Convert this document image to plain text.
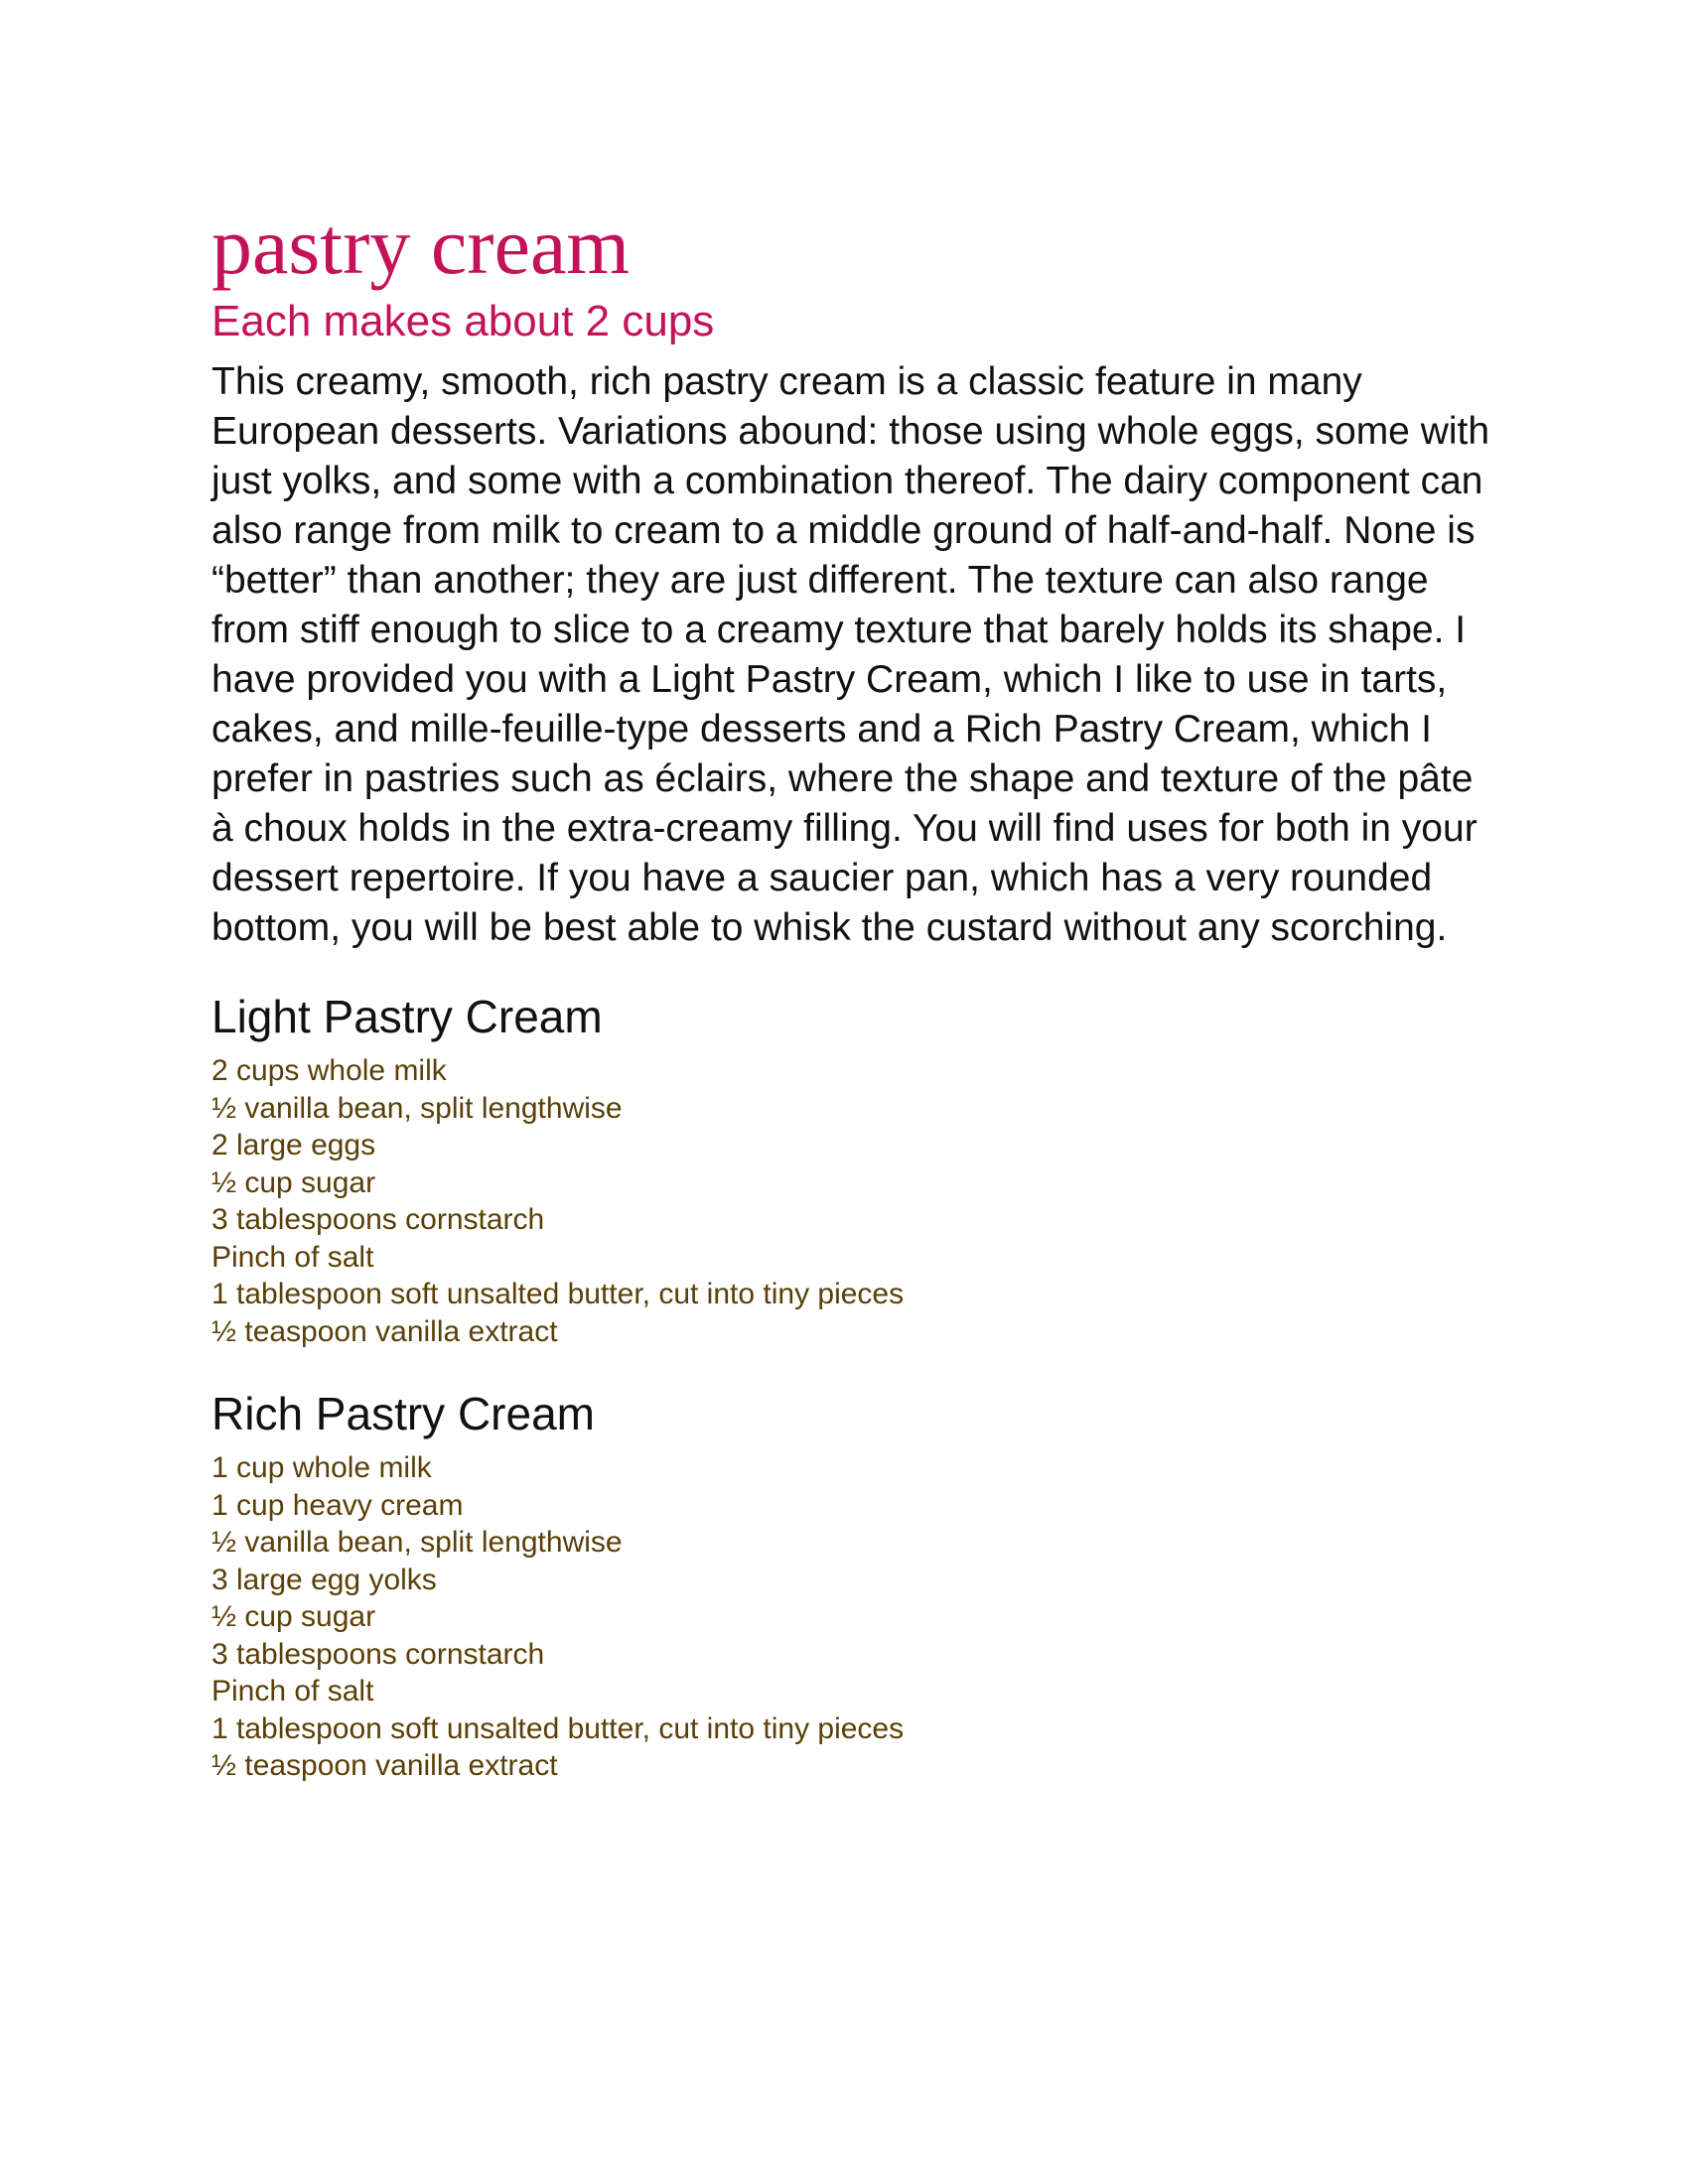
pastry cream
Each makes about 2 cups

This creamy, smooth, rich pastry cream is a classic feature in many European desserts. Variations abound: those using whole eggs, some with just yolks, and some with a combination thereof. The dairy component can also range from milk to cream to a middle ground of half-and-half. None is “better” than another; they are just different. The texture can also range from stiff enough to slice to a creamy texture that barely holds its shape. I have provided you with a Light Pastry Cream, which I like to use in tarts, cakes, and mille-feuille-type desserts and a Rich Pastry Cream, which I prefer in pastries such as éclairs, where the shape and texture of the pâte à choux holds in the extra-creamy filling. You will find uses for both in your dessert repertoire. If you have a saucier pan, which has a very rounded bottom, you will be best able to whisk the custard without any scorching.

Light Pastry Cream
2 cups whole milk
½ vanilla bean, split lengthwise
2 large eggs
½ cup sugar
3 tablespoons cornstarch
Pinch of salt
1 tablespoon soft unsalted butter, cut into tiny pieces
½ teaspoon vanilla extract
Rich Pastry Cream
1 cup whole milk
1 cup heavy cream
½ vanilla bean, split lengthwise
3 large egg yolks
½ cup sugar
3 tablespoons cornstarch
Pinch of salt
1 tablespoon soft unsalted butter, cut into tiny pieces
½ teaspoon vanilla extract
